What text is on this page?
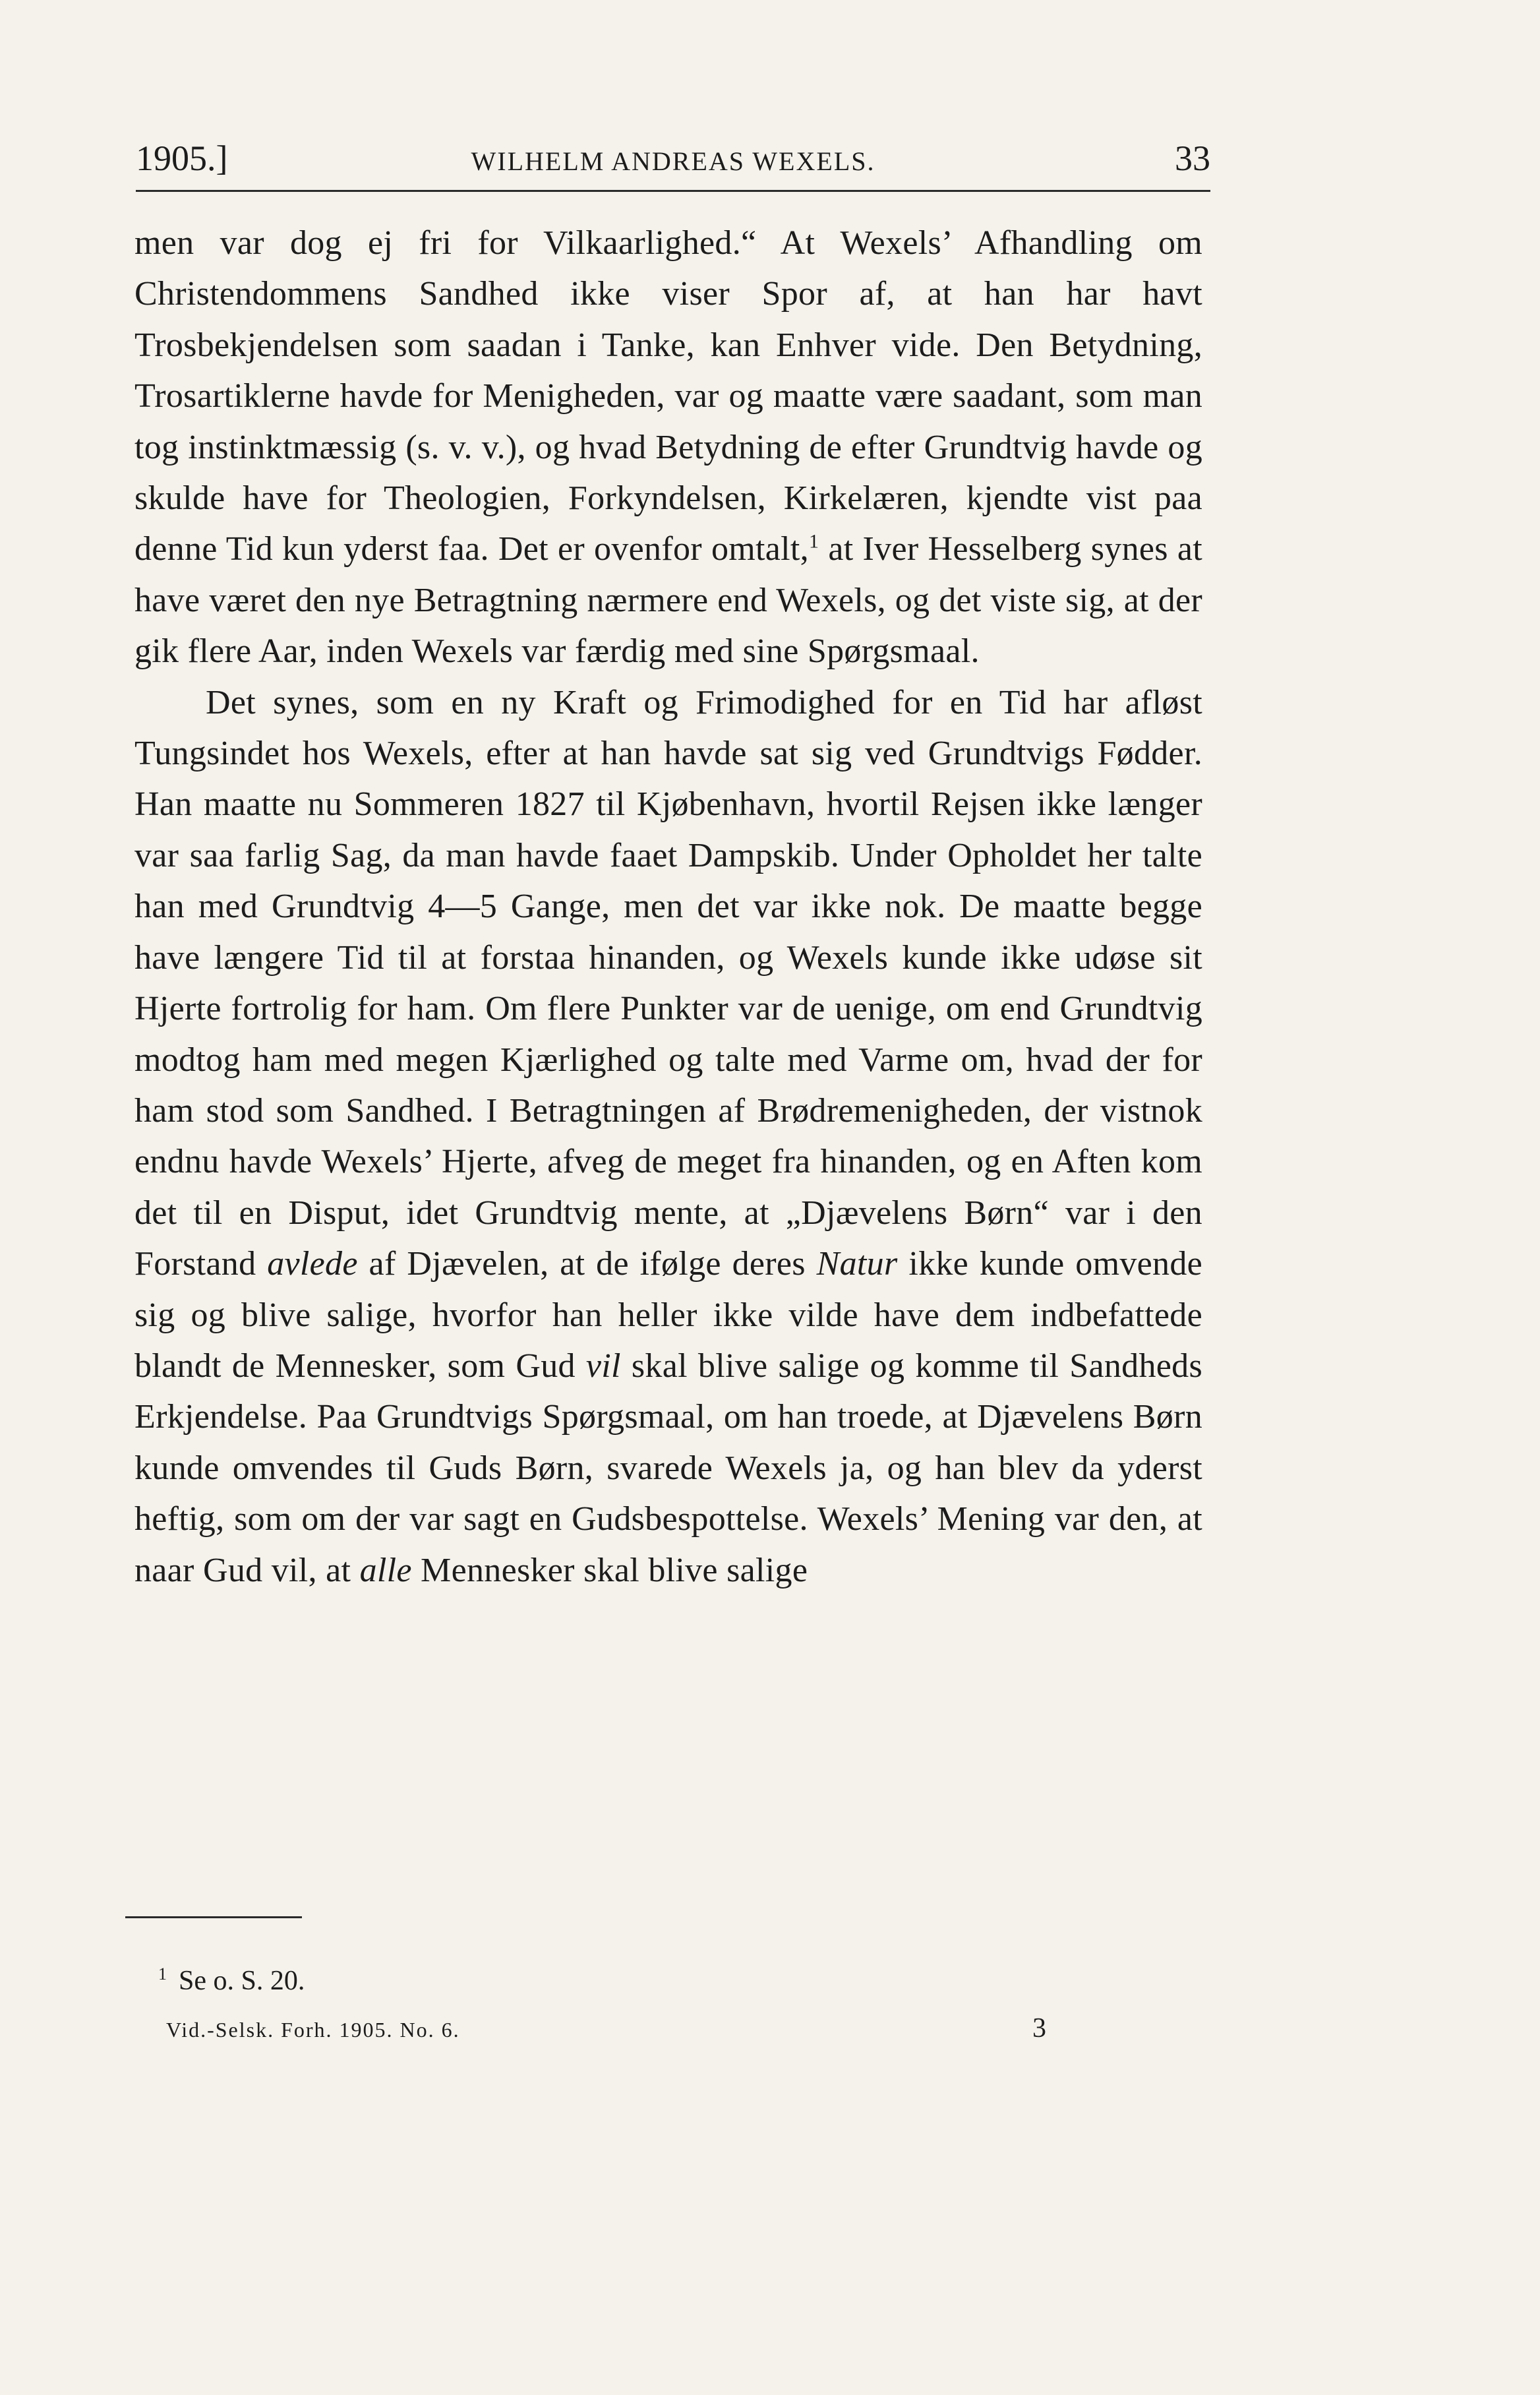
1905.]	WILHELM ANDREAS WEXELS.	33

men var dog ej fri for Vilkaarlighed.“ At Wexels’ Afhandling om Christendommens Sandhed ikke viser Spor af, at han har havt Trosbekjendelsen som saadan i Tanke, kan Enhver vide. Den Betydning, Trosartiklerne havde for Menigheden, var og maatte være saadant, som man tog instinktmæssig (s. v. v.), og hvad Betydning de efter Grundtvig havde og skulde have for Theologien, Forkyndelsen, Kirkelæren, kjendte vist paa denne Tid kun yderst faa. Det er ovenfor omtalt,$^1$ at Iver Hesselberg synes at have været den nye Betragtning nærmere end Wexels, og det viste sig, at der gik flere Aar, inden Wexels var færdig med sine Spørgsmaal.

Det synes, som en ny Kraft og Frimodighed for en Tid har afløst Tungsindet hos Wexels, efter at han havde sat sig ved Grundtvigs Fødder. Han maatte nu Sommeren 1827 til Kjøbenhavn, hvortil Rejsen ikke længer var saa farlig Sag, da man havde faaet Dampskib. Under Opholdet her talte han med Grundtvig 4—5 Gange, men det var ikke nok. De maatte begge have længere Tid til at forstaa hinanden, og Wexels kunde ikke udøse sit Hjerte fortrolig for ham. Om flere Punkter var de uenige, om end Grundtvig modtog ham med megen Kjærlighed og talte med Varme om, hvad der for ham stod som Sandhed. I Betragtningen af Brødremenigheden, der vistnok endnu havde Wexels’ Hjerte, afveg de meget fra hinanden, og en Aften kom det til en Disput, idet Grundtvig mente, at „Djævelens Børn“ var i den Forstand avlede af Djævelen, at de ifølge deres Natur ikke kunde omvende sig og blive salige, hvorfor han heller ikke vilde have dem indbefattede blandt de Mennesker, som Gud vil skal blive salige og komme til Sandheds Erkjendelse. Paa Grundtvigs Spørgsmaal, om han troede, at Djævelens Børn kunde omvendes til Guds Børn, svarede Wexels ja, og han blev da yderst heftig, som om der var sagt en Gudsbespottelse. Wexels’ Mening var den, at naar Gud vil, at alle Mennesker skal blive salige

$^1$ Se o. S. 20.
Vid.-Selsk. Forh. 1905. No. 6.	3
